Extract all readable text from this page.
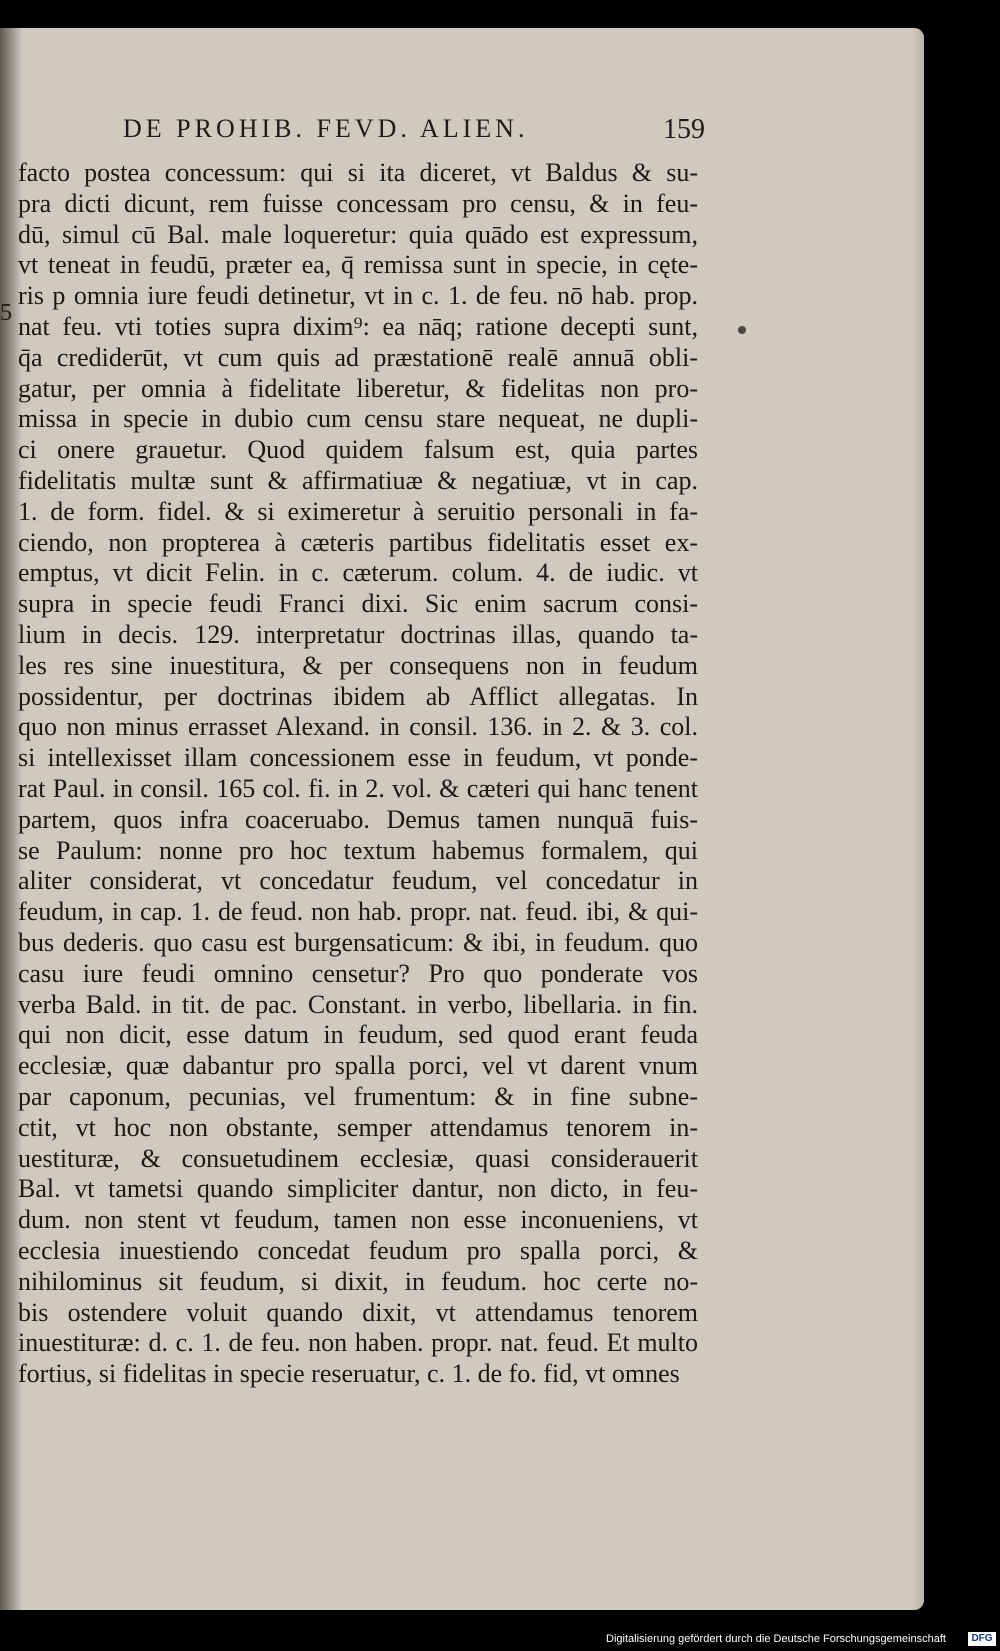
DE PROHIB. FEVD. ALIEN.	159
5
facto postea concessum: qui si ita diceret, vt Baldus & su-
pra dicti dicunt, rem fuisse concessam pro censu, & in feu-
dū, simul cū Bal. male loqueretur: quia quādo est expressum,
vt teneat in feudū, præter ea, q̄ remissa sunt in specie, in cęte-
ris p omnia iure feudi detinetur, vt in c. 1. de feu. nō hab. prop.
nat feu. vti toties supra dixim⁹: ea nāq; ratione decepti sunt,
q̄a crediderūt, vt cum quis ad præstationē realē annuā obli-
gatur, per omnia à fidelitate liberetur, & fidelitas non pro-
missa in specie in dubio cum censu stare nequeat, ne dupli-
ci onere grauetur. Quod quidem falsum est, quia partes
fidelitatis multæ sunt & affirmatiuæ & negatiuæ, vt in cap.
1. de form. fidel. & si eximeretur à seruitio personali in fa-
ciendo, non propterea à cæteris partibus fidelitatis esset ex-
emptus, vt dicit Felin. in c. cæterum. colum. 4. de iudic. vt
supra in specie feudi Franci dixi. Sic enim sacrum consi-
lium in decis. 129. interpretatur doctrinas illas, quando ta-
les res sine inuestitura, & per consequens non in feudum
possidentur, per doctrinas ibidem ab Afflict allegatas. In
quo non minus errasset Alexand. in consil. 136. in 2. & 3. col.
si intellexisset illam concessionem esse in feudum, vt ponde-
rat Paul. in consil. 165 col. fi. in 2. vol. & cæteri qui hanc tenent
partem, quos infra coaceruabo. Demus tamen nunquā fuis-
se Paulum: nonne pro hoc textum habemus formalem, qui
aliter considerat, vt concedatur feudum, vel concedatur in
feudum, in cap. 1. de feud. non hab. propr. nat. feud. ibi, & qui-
bus dederis. quo casu est burgensaticum: & ibi, in feudum. quo
casu iure feudi omnino censetur? Pro quo ponderate vos
verba Bald. in tit. de pac. Constant. in verbo, libellaria. in fin.
qui non dicit, esse datum in feudum, sed quod erant feuda
ecclesiæ, quæ dabantur pro spalla porci, vel vt darent vnum
par caponum, pecunias, vel frumentum: & in fine subne-
ctit, vt hoc non obstante, semper attendamus tenorem in-
uestituræ, & consuetudinem ecclesiæ, quasi considerauerit
Bal. vt tametsi quando simpliciter dantur, non dicto, in feu-
dum. non stent vt feudum, tamen non esse inconueniens, vt
ecclesia inuestiendo concedat feudum pro spalla porci, &
nihilominus sit feudum, si dixit, in feudum. hoc certe no-
bis ostendere voluit quando dixit, vt attendamus tenorem
inuestituræ: d. c. 1. de feu. non haben. propr. nat. feud. Et multo
fortius, si fidelitas in specie reseruatur, c. 1. de fo. fid, vt omnes
Digitalisierung gefördert durch die Deutsche Forschungsgemeinschaft	DFG
